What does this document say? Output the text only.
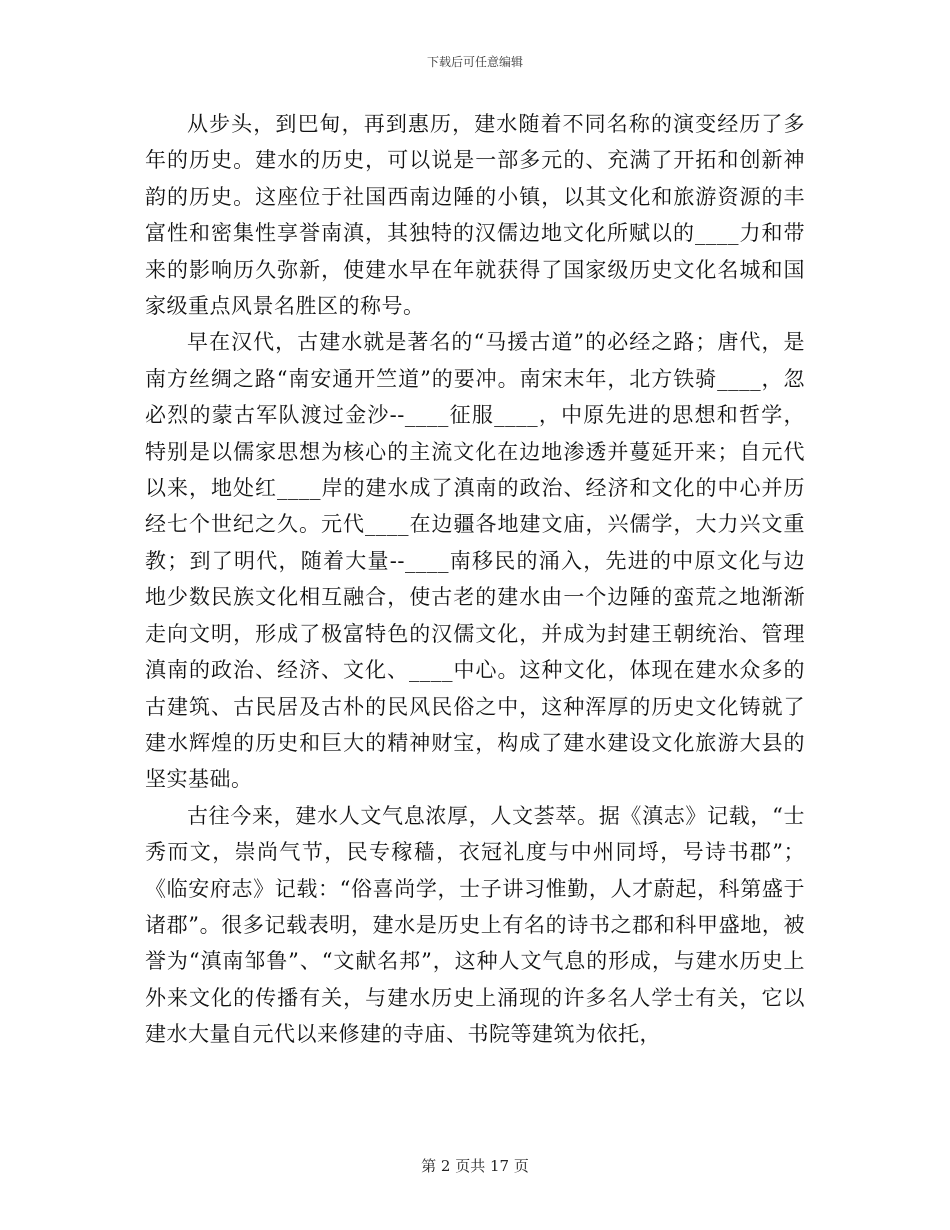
下载后可任意编辑

从步头，到巴甸，再到惠历，建水随着不同名称的演变经历了多年的历史。建水的历史，可以说是一部多元的、充满了开拓和创新神韵的历史。这座位于社国西南边陲的小镇，以其文化和旅游资源的丰富性和密集性享誉南滇，其独特的汉儒边地文化所赋以的____力和带来的影响历久弥新，使建水早在年就获得了国家级历史文化名城和国家级重点风景名胜区的称号。

早在汉代，古建水就是著名的“马援古道”的必经之路；唐代，是南方丝绸之路“南安通开竺道”的要冲。南宋末年，北方铁骑____，忽必烈的蒙古军队渡过金沙--____征服____，中原先进的思想和哲学，特别是以儒家思想为核心的主流文化在边地渗透并蔓延开来；自元代以来，地处红____岸的建水成了滇南的政治、经济和文化的中心并历经七个世纪之久。元代____在边疆各地建文庙，兴儒学，大力兴文重教；到了明代，随着大量--____南移民的涌入，先进的中原文化与边地少数民族文化相互融合，使古老的建水由一个边陲的蛮荒之地渐渐走向文明，形成了极富特色的汉儒文化，并成为封建王朝统治、管理滇南的政治、经济、文化、____中心。这种文化，体现在建水众多的古建筑、古民居及古朴的民风民俗之中，这种浑厚的历史文化铸就了建水辉煌的历史和巨大的精神财宝，构成了建水建设文化旅游大县的坚实基础。

古往今来，建水人文气息浓厚，人文荟萃。据《滇志》记载，“士秀而文，崇尚气节，民专稼穑，衣冠礼度与中州同埒，号诗书郡”；《临安府志》记载：“俗喜尚学，士子讲习惟勤，人才蔚起，科第盛于诸郡”。很多记载表明，建水是历史上有名的诗书之郡和科甲盛地，被誉为“滇南邹鲁”、“文献名邦”，这种人文气息的形成，与建水历史上外来文化的传播有关，与建水历史上涌现的许多名人学士有关，它以建水大量自元代以来修建的寺庙、书院等建筑为依托，

第 2 页共 17 页
